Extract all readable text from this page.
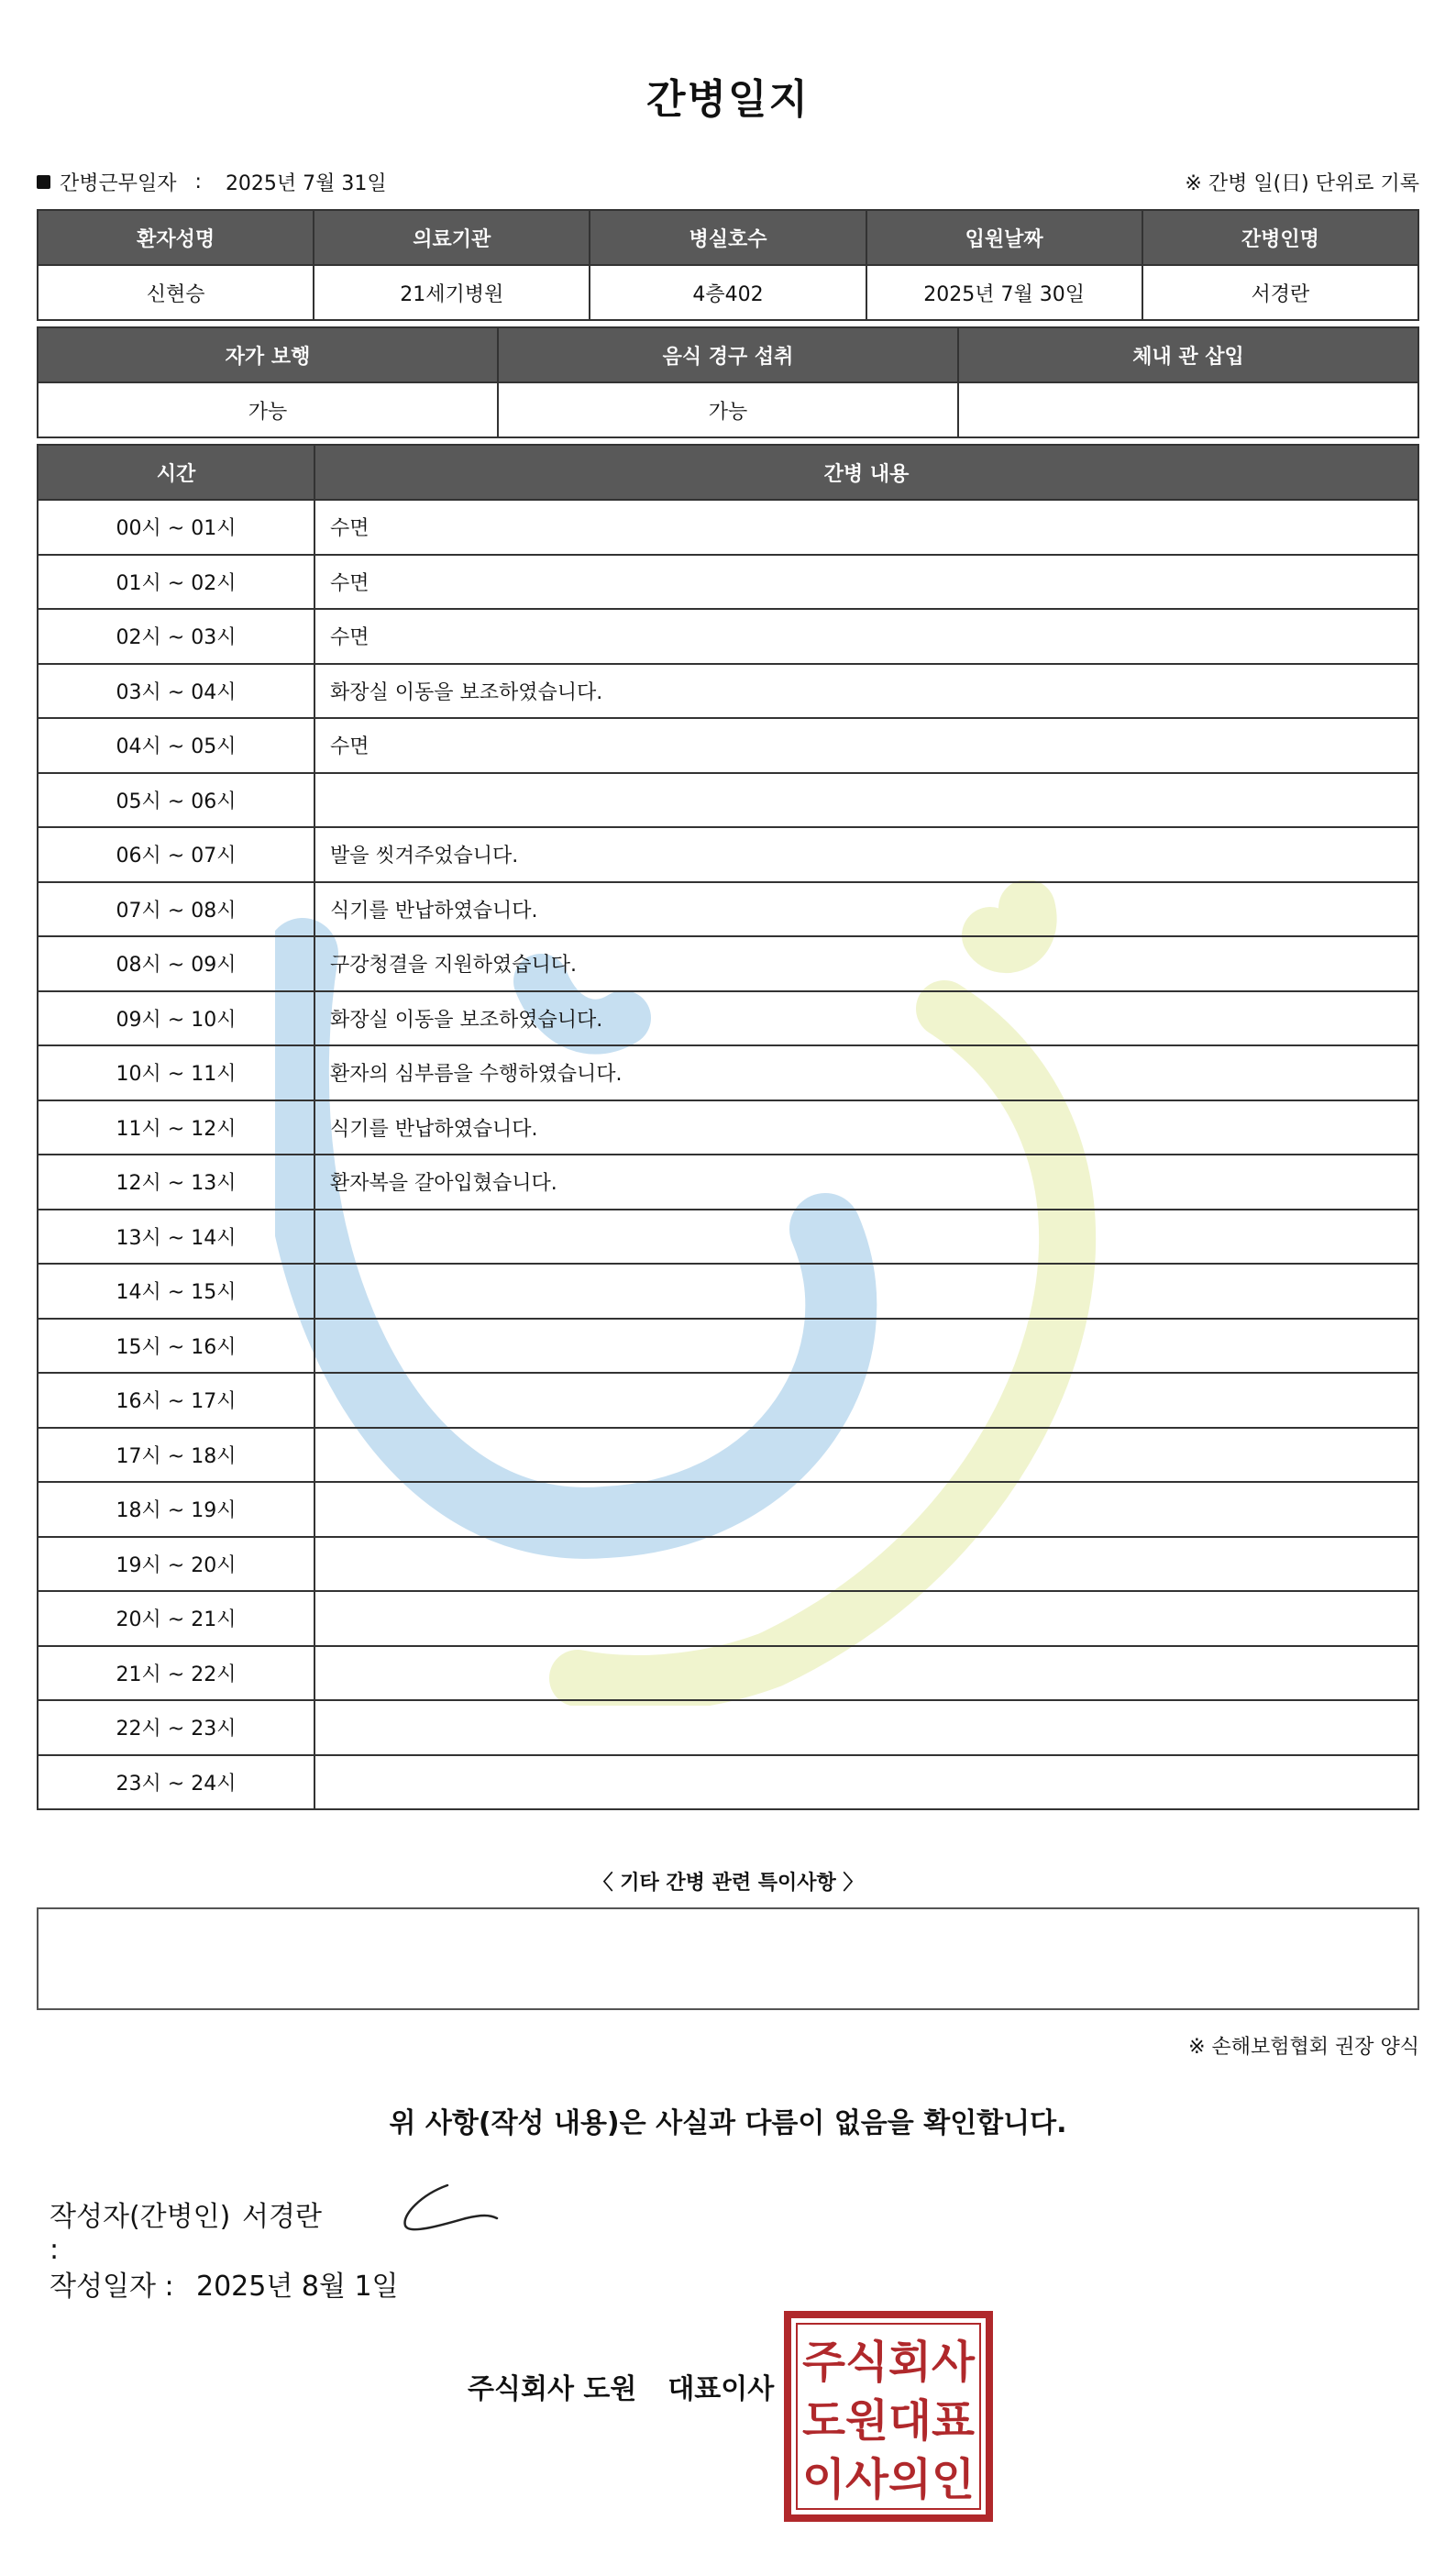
간병일지
간병근무일자 : 2025년 7월 31일	※ 간병 일(日) 단위로 기록
환자성명	의료기관	병실호수	입원날짜	간병인명
신현승	21세기병원	4층402	2025년 7월 30일	서경란
자가 보행	음식 경구 섭취	체내 관 삽입
가능	가능	
시간	간병 내용
00시 ~ 01시	수면
01시 ~ 02시	수면
02시 ~ 03시	수면
03시 ~ 04시	화장실 이동을 보조하였습니다.
04시 ~ 05시	수면
05시 ~ 06시	
06시 ~ 07시	발을 씻겨주었습니다.
07시 ~ 08시	식기를 반납하였습니다.
08시 ~ 09시	구강청결을 지원하였습니다.
09시 ~ 10시	화장실 이동을 보조하였습니다.
10시 ~ 11시	환자의 심부름을 수행하였습니다.
11시 ~ 12시	식기를 반납하였습니다.
12시 ~ 13시	환자복을 갈아입혔습니다.
13시 ~ 14시	
14시 ~ 15시	
15시 ~ 16시	
16시 ~ 17시	
17시 ~ 18시	
18시 ~ 19시	
19시 ~ 20시	
20시 ~ 21시	
21시 ~ 22시	
22시 ~ 23시	
23시 ~ 24시	
〈 기타 간병 관련 특이사항 〉
※ 손해보험협회 권장 양식
위 사항(작성 내용)은 사실과 다름이 없음을 확인합니다.
작성자(간병인) :
서경란
작성일자 : 2025년 8월 1일
주식회사 도원 대표이사
주식회사
도원대표
이사의인
